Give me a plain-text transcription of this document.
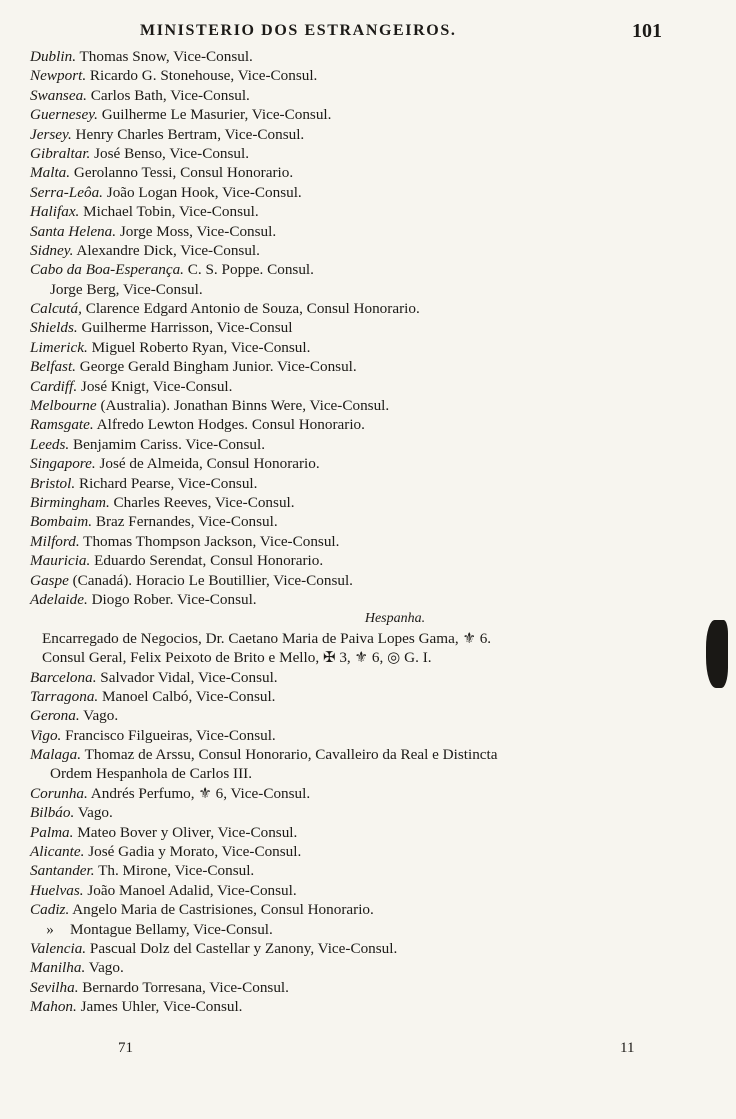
MINISTERIO DOS ESTRANGEIROS.	101
Dublin. Thomas Snow, Vice-Consul.
Newport. Ricardo G. Stonehouse, Vice-Consul.
Swansea. Carlos Bath, Vice-Consul.
Guernesey. Guilherme Le Masurier, Vice-Consul.
Jersey. Henry Charles Bertram, Vice-Consul.
Gibraltar. José Benso, Vice-Consul.
Malta. Gerolanno Tessi, Consul Honorario.
Serra-Leôa. João Logan Hook, Vice-Consul.
Halifax. Michael Tobin, Vice-Consul.
Santa Helena. Jorge Moss, Vice-Consul.
Sidney. Alexandre Dick, Vice-Consul.
Cabo da Boa-Esperança. C. S. Poppe. Consul.
Jorge Berg, Vice-Consul.
Calcutá, Clarence Edgard Antonio de Souza, Consul Honorario.
Shields. Guilherme Harrisson, Vice-Consul
Limerick. Miguel Roberto Ryan, Vice-Consul.
Belfast. George Gerald Bingham Junior. Vice-Consul.
Cardiff. José Knigt, Vice-Consul.
Melbourne (Australia). Jonathan Binns Were, Vice-Consul.
Ramsgate. Alfredo Lewton Hodges. Consul Honorario.
Leeds. Benjamim Cariss. Vice-Consul.
Singapore. José de Almeida, Consul Honorario.
Bristol. Richard Pearse, Vice-Consul.
Birmingham. Charles Reeves, Vice-Consul.
Bombaim. Braz Fernandes, Vice-Consul.
Milford. Thomas Thompson Jackson, Vice-Consul.
Mauricia. Eduardo Serendat, Consul Honorario.
Gaspe (Canadá). Horacio Le Boutillier, Vice-Consul.
Adelaide. Diogo Rober. Vice-Consul.
Hespanha.
Encarregado de Negocios, Dr. Caetano Maria de Paiva Lopes Gama, ⚜ 6.
Consul Geral, Felix Peixoto de Brito e Mello, ✠ 3, ⚜ 6, ◎ G. I.
Barcelona. Salvador Vidal, Vice-Consul.
Tarragona. Manoel Calbó, Vice-Consul.
Gerona. Vago.
Vigo. Francisco Filgueiras, Vice-Consul.
Malaga. Thomaz de Arssu, Consul Honorario, Cavalleiro da Real e Distincta
Ordem Hespanhola de Carlos III.
Corunha. Andrés Perfumo, ⚜ 6, Vice-Consul.
Bilbáo. Vago.
Palma. Mateo Bover y Oliver, Vice-Consul.
Alicante. José Gadia y Morato, Vice-Consul.
Santander. Th. Mirone, Vice-Consul.
Huelvas. João Manoel Adalid, Vice-Consul.
Cadiz. Angelo Maria de Castrisiones, Consul Honorario.
» Montague Bellamy, Vice-Consul.
Valencia. Pascual Dolz del Castellar y Zanony, Vice-Consul.
Manilha. Vago.
Sevilha. Bernardo Torresana, Vice-Consul.
Mahon. James Uhler, Vice-Consul.
71	11
